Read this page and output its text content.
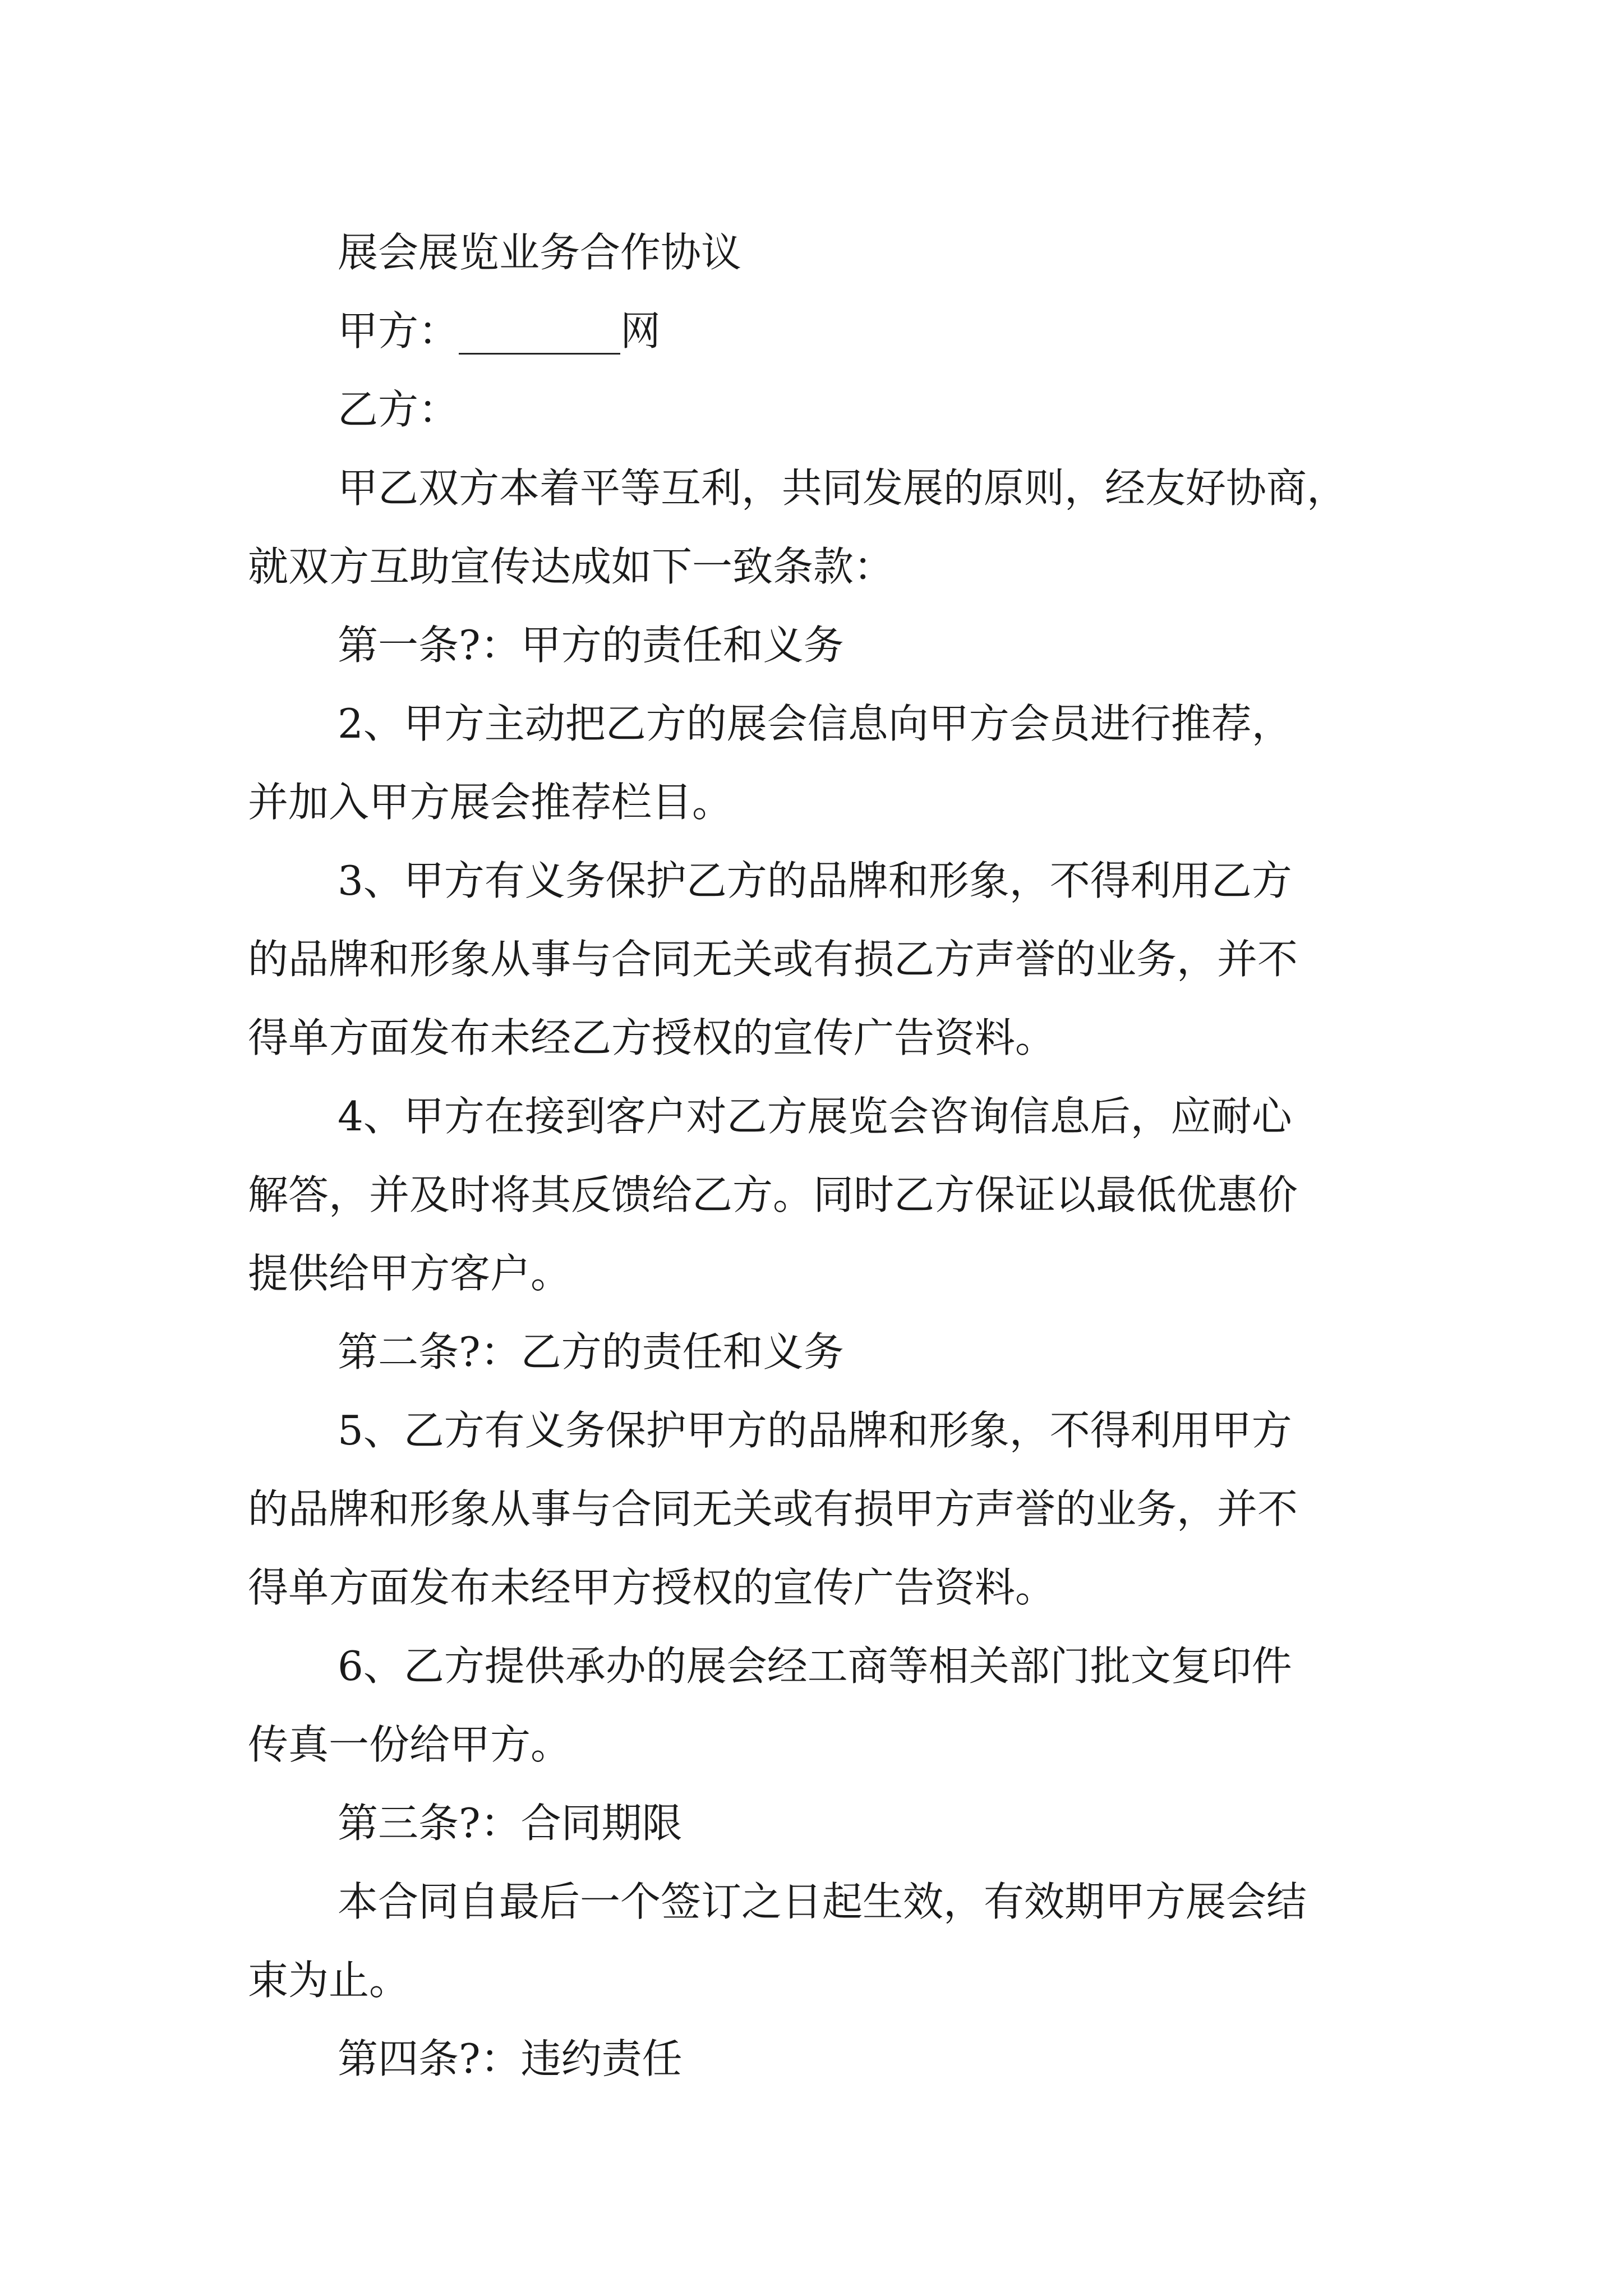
展会展览业务合作协议

甲方：________网

乙方：

甲乙双方本着平等互利，共同发展的原则，经友好协商，

就双方互助宣传达成如下一致条款：

第一条?：甲方的责任和义务

2、甲方主动把乙方的展会信息向甲方会员进行推荐，

并加入甲方展会推荐栏目。

3、甲方有义务保护乙方的品牌和形象，不得利用乙方

的品牌和形象从事与合同无关或有损乙方声誉的业务，并不

得单方面发布未经乙方授权的宣传广告资料。

4、甲方在接到客户对乙方展览会咨询信息后，应耐心

解答，并及时将其反馈给乙方。同时乙方保证以最低优惠价

提供给甲方客户。

第二条?：乙方的责任和义务

5、乙方有义务保护甲方的品牌和形象，不得利用甲方

的品牌和形象从事与合同无关或有损甲方声誉的业务，并不

得单方面发布未经甲方授权的宣传广告资料。

6、乙方提供承办的展会经工商等相关部门批文复印件

传真一份给甲方。

第三条?：合同期限

本合同自最后一个签订之日起生效，有效期甲方展会结

束为止。

第四条?：违约责任
